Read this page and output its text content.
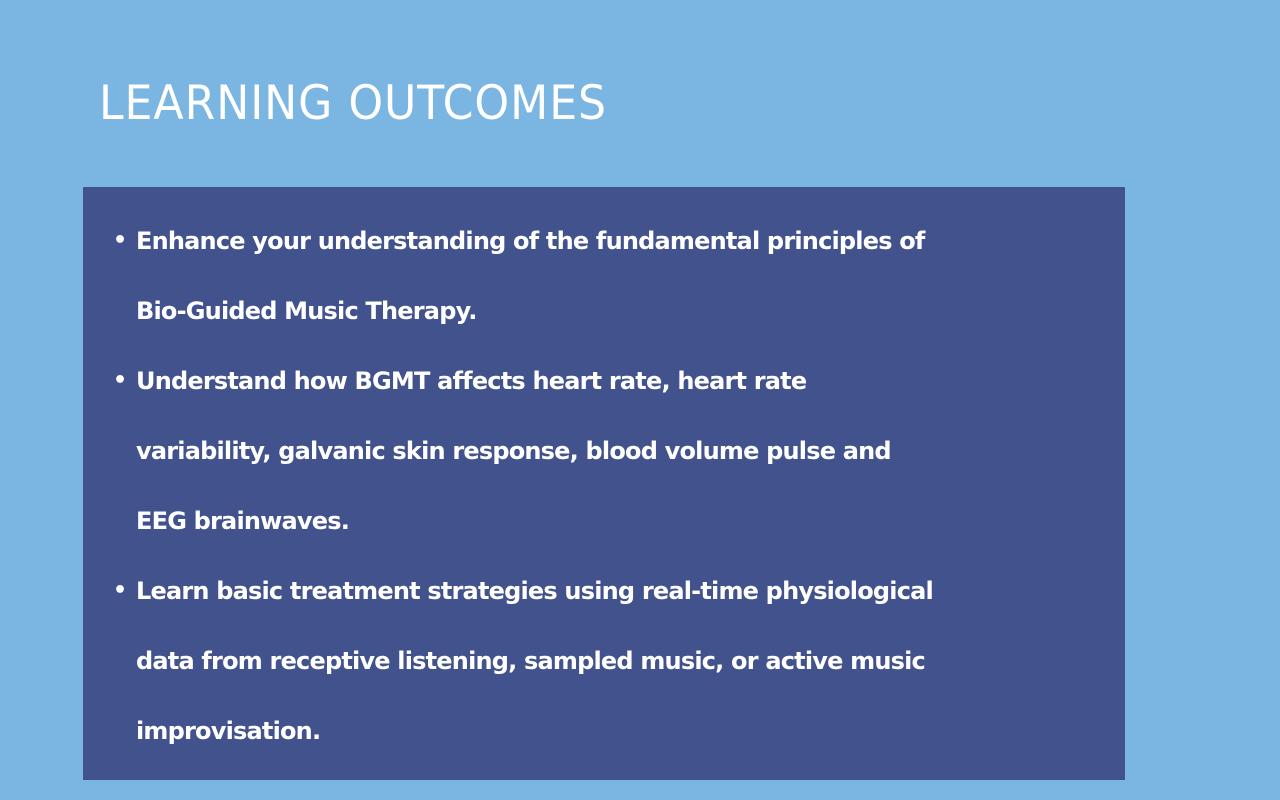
LEARNING OUTCOMES
• Enhance your understanding of the fundamental principles of
Bio-Guided Music Therapy.
• Understand how BGMT affects heart rate, heart rate
variability, galvanic skin response, blood volume pulse and
EEG brainwaves.
• Learn basic treatment strategies using real-time physiological
data from receptive listening, sampled music, or active music
improvisation.
